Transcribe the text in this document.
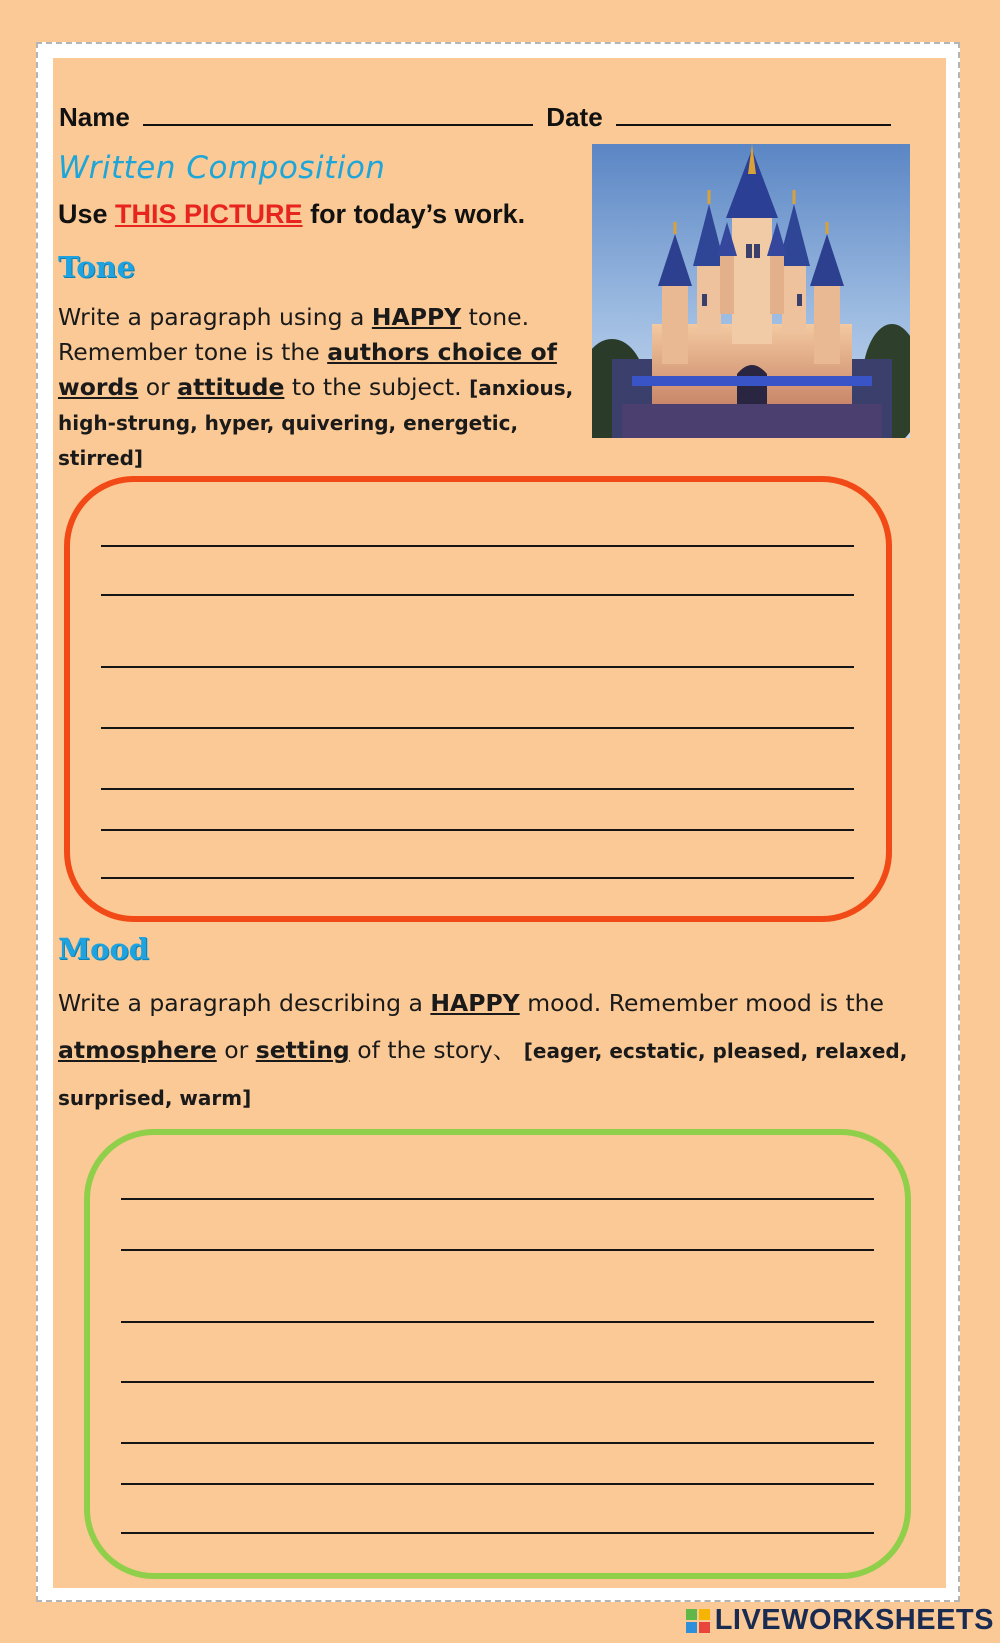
Name	Date
Written Composition
Use THIS PICTURE for today’s work.
Tone
Write a paragraph using a HAPPY tone. Remember tone is the authors choice of words or attitude to the subject. [anxious, high-strung, hyper, quivering, energetic, stirred]
Mood
Write a paragraph describing a HAPPY mood. Remember mood is the atmosphere or setting of the story、 [eager, ecstatic, pleased, relaxed, surprised, warm]
LIVEWORKSHEETS
